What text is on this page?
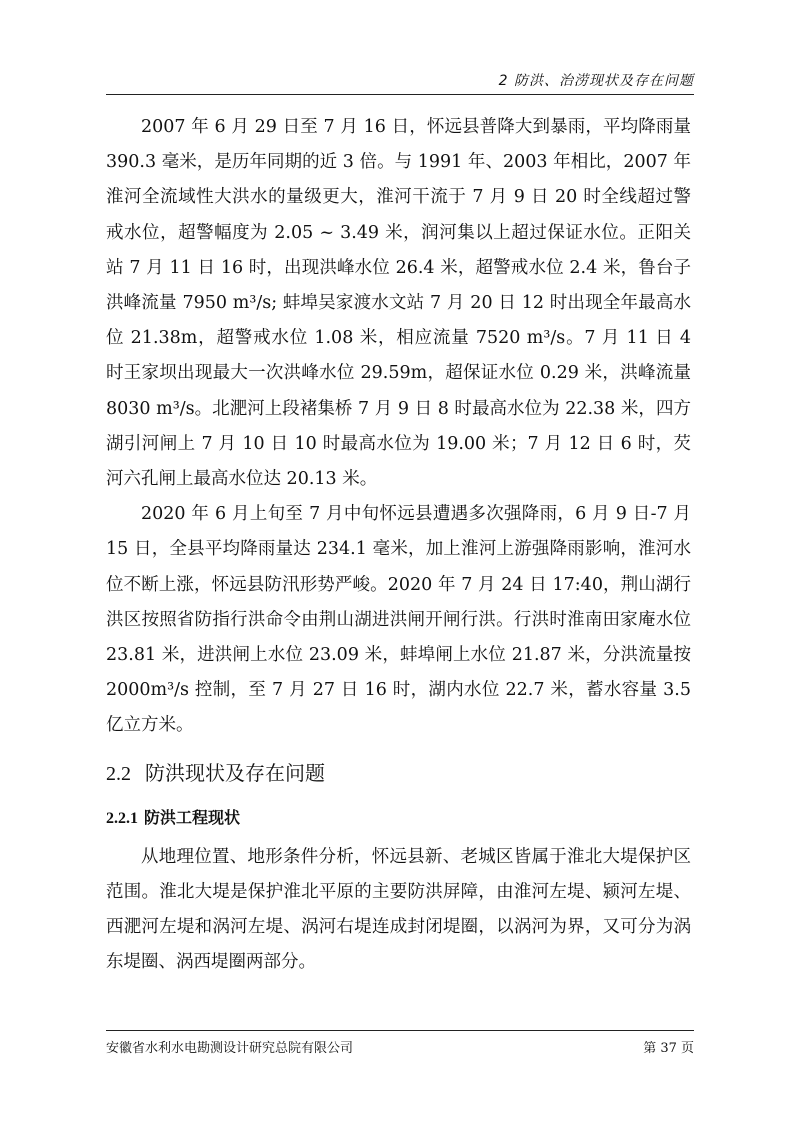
2 防洪、治涝现状及存在问题

2007 年 6 月 29 日至 7 月 16 日，怀远县普降大到暴雨，平均降雨量 390.3 毫米，是历年同期的近 3 倍。与 1991 年、2003 年相比，2007 年淮河全流域性大洪水的量级更大，淮河干流于 7 月 9 日 20 时全线超过警戒水位，超警幅度为 2.05 ~ 3.49 米，润河集以上超过保证水位。正阳关站 7 月 11 日 16 时，出现洪峰水位 26.4 米，超警戒水位 2.4 米，鲁台子洪峰流量 7950 m³/s; 蚌埠吴家渡水文站 7 月 20 日 12 时出现全年最高水位 21.38m，超警戒水位 1.08 米，相应流量 7520 m³/s。7 月 11 日 4 时王家坝出现最大一次洪峰水位 29.59m，超保证水位 0.29 米，洪峰流量 8030 m³/s。北淝河上段褚集桥 7 月 9 日 8 时最高水位为 22.38 米，四方湖引河闸上 7 月 10 日 10 时最高水位为 19.00 米；7 月 12 日 6 时，芡河六孔闸上最高水位达 20.13 米。

2020 年 6 月上旬至 7 月中旬怀远县遭遇多次强降雨，6 月 9 日-7 月 15 日，全县平均降雨量达 234.1 毫米，加上淮河上游强降雨影响，淮河水位不断上涨，怀远县防汛形势严峻。2020 年 7 月 24 日 17:40，荆山湖行洪区按照省防指行洪命令由荆山湖进洪闸开闸行洪。行洪时淮南田家庵水位 23.81 米，进洪闸上水位 23.09 米，蚌埠闸上水位 21.87 米，分洪流量按 2000m³/s 控制，至 7 月 27 日 16 时，湖内水位 22.7 米，蓄水容量 3.5 亿立方米。

2.2 防洪现状及存在问题
2.2.1 防洪工程现状

从地理位置、地形条件分析，怀远县新、老城区皆属于淮北大堤保护区范围。淮北大堤是保护淮北平原的主要防洪屏障，由淮河左堤、颍河左堤、西淝河左堤和涡河左堤、涡河右堤连成封闭堤圈，以涡河为界，又可分为涡东堤圈、涡西堤圈两部分。

安徽省水利水电勘测设计研究总院有限公司	第 37 页
